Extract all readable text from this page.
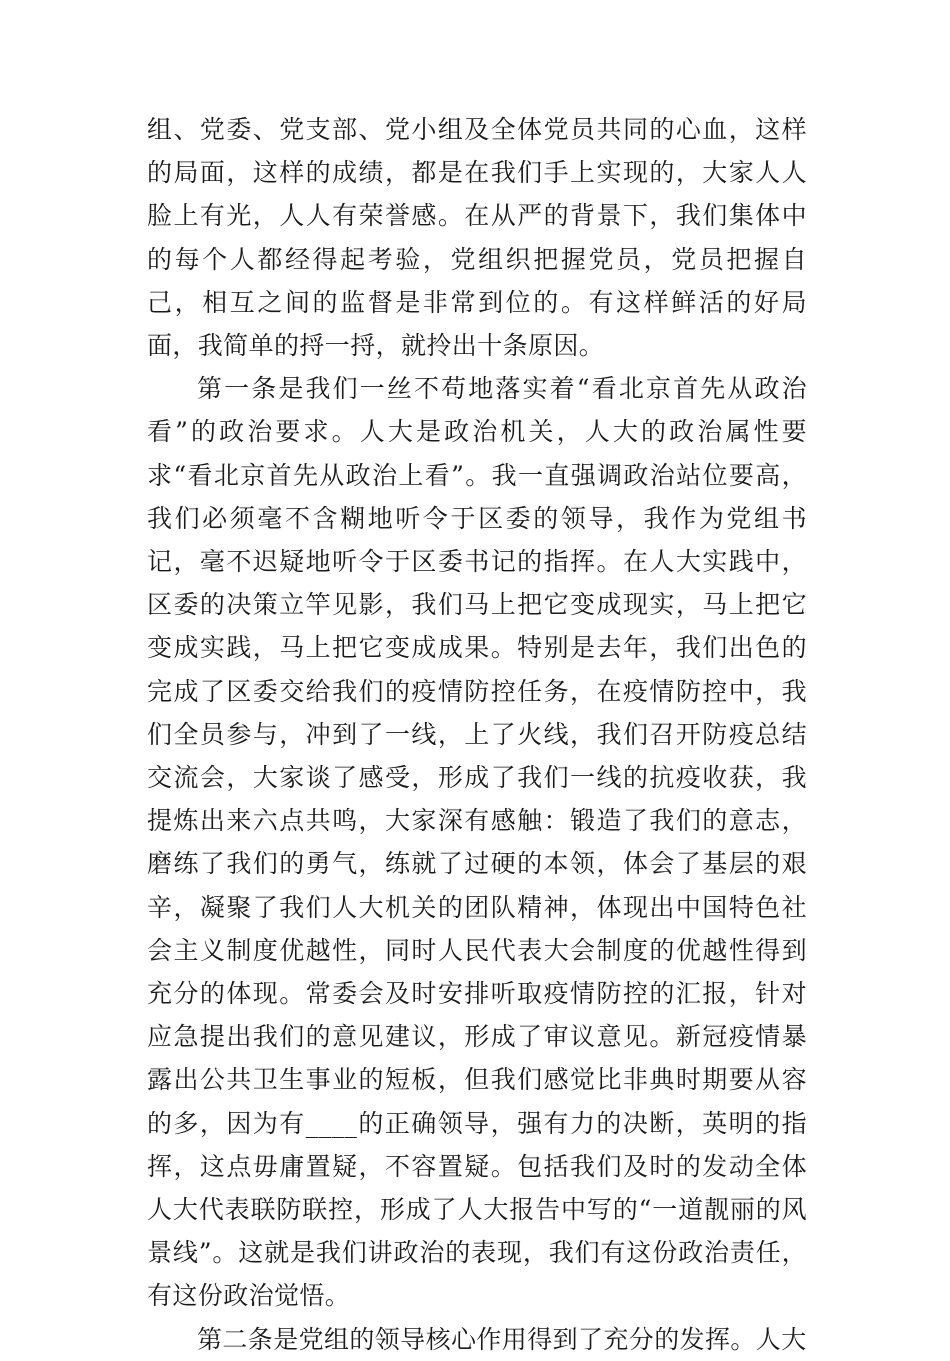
组、党委、党支部、党小组及全体党员共同的心血，这样的局面，这样的成绩，都是在我们手上实现的，大家人人脸上有光，人人有荣誉感。在从严的背景下，我们集体中的每个人都经得起考验，党组织把握党员，党员把握自己，相互之间的监督是非常到位的。有这样鲜活的好局面，我简单的捋一捋，就拎出十条原因。

第一条是我们一丝不苟地落实着“看北京首先从政治看”的政治要求。人大是政治机关，人大的政治属性要求“看北京首先从政治上看”。我一直强调政治站位要高，我们必须毫不含糊地听令于区委的领导，我作为党组书记，毫不迟疑地听令于区委书记的指挥。在人大实践中，区委的决策立竿见影，我们马上把它变成现实，马上把它变成实践，马上把它变成成果。特别是去年，我们出色的完成了区委交给我们的疫情防控任务，在疫情防控中，我们全员参与，冲到了一线，上了火线，我们召开防疫总结交流会，大家谈了感受，形成了我们一线的抗疫收获，我提炼出来六点共鸣，大家深有感触：锻造了我们的意志，磨练了我们的勇气，练就了过硬的本领，体会了基层的艰辛，凝聚了我们人大机关的团队精神，体现出中国特色社会主义制度优越性，同时人民代表大会制度的优越性得到充分的体现。常委会及时安排听取疫情防控的汇报，针对应急提出我们的意见建议，形成了审议意见。新冠疫情暴露出公共卫生事业的短板，但我们感觉比非典时期要从容的多，因为有____的正确领导，强有力的决断，英明的指挥，这点毋庸置疑，不容置疑。包括我们及时的发动全体人大代表联防联控，形成了人大报告中写的“一道靓丽的风景线”。这就是我们讲政治的表现，我们有这份政治责任，有这份政治觉悟。

第二条是党组的领导核心作用得到了充分的发挥。人大
